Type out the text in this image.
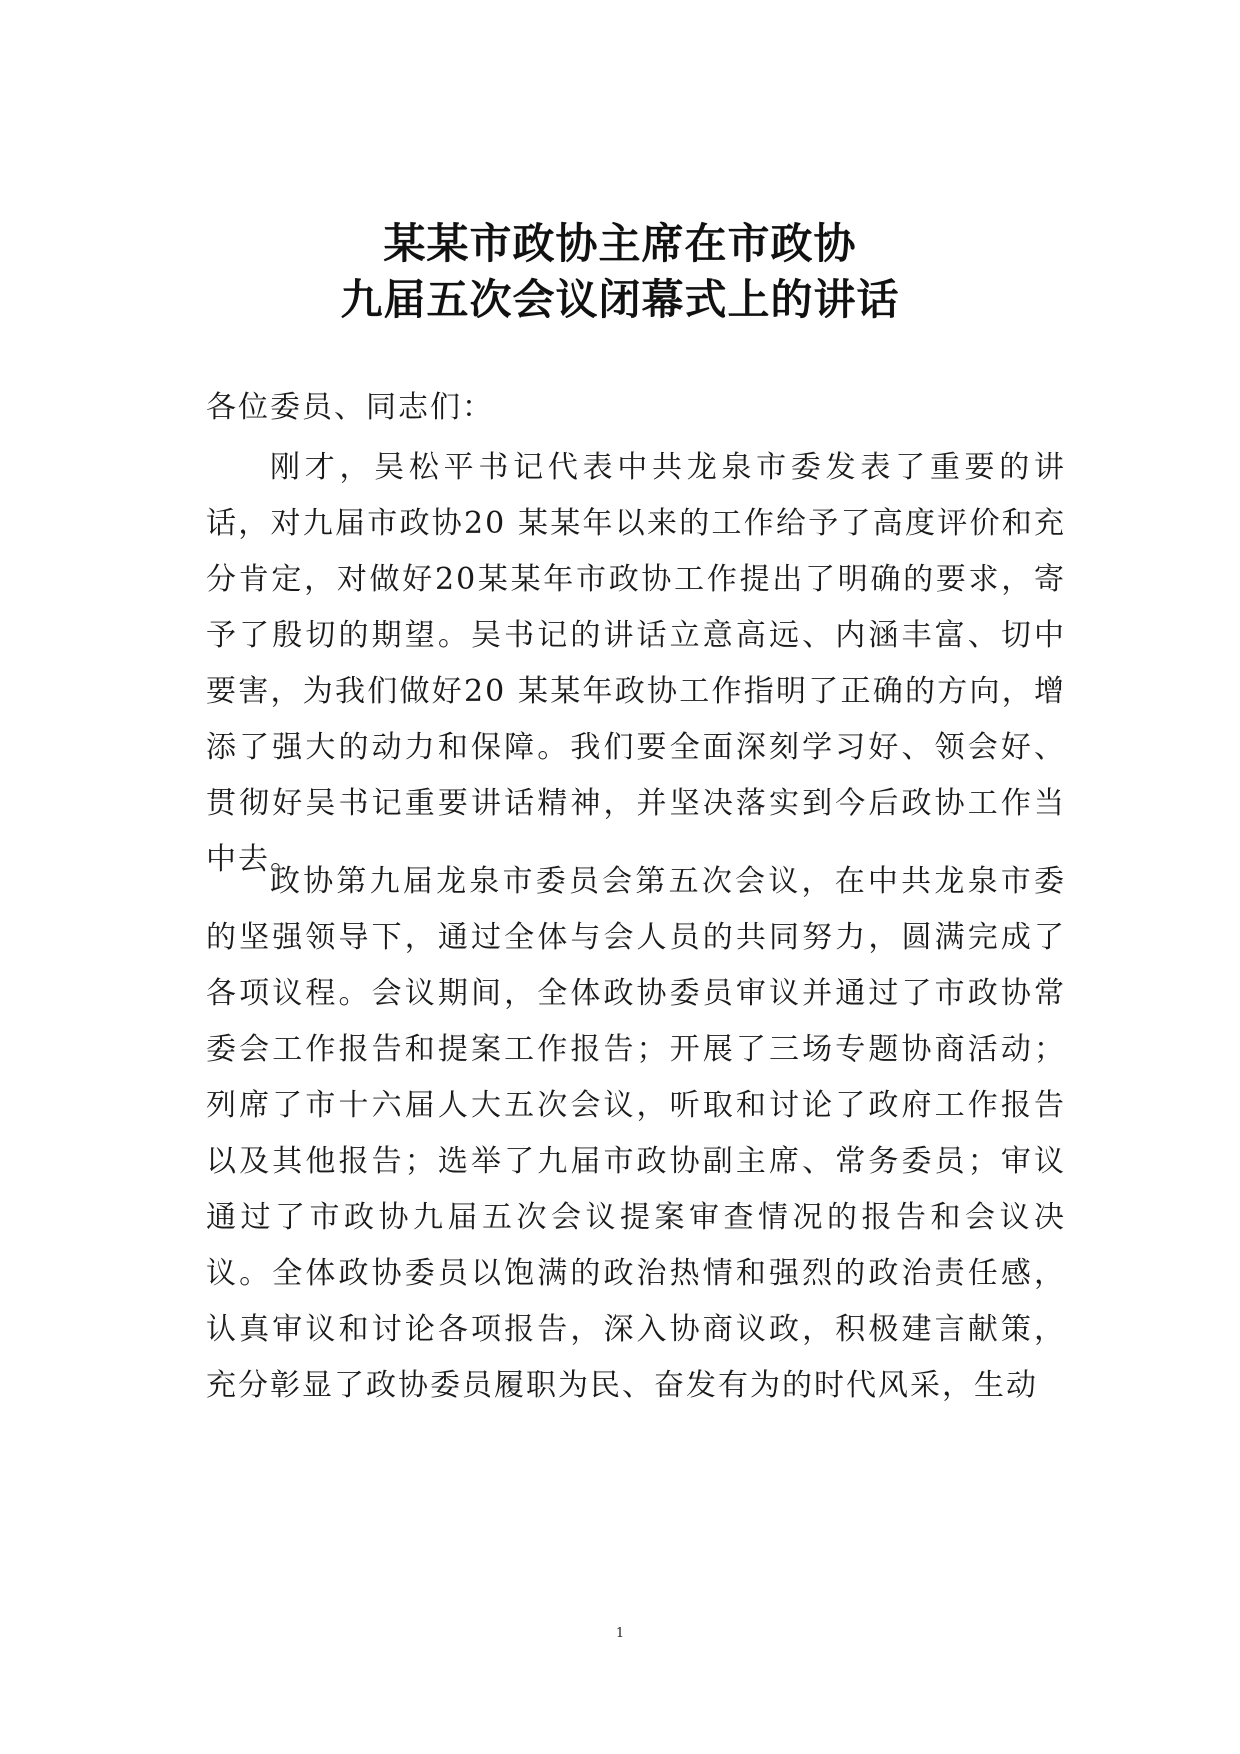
某某市政协主席在市政协
九届五次会议闭幕式上的讲话

各位委员、同志们：

刚才，吴松平书记代表中共龙泉市委发表了重要的讲话，对九届市政协20 某某年以来的工作给予了高度评价和充分肯定，对做好20某某年市政协工作提出了明确的要求，寄予了殷切的期望。吴书记的讲话立意高远、内涵丰富、切中要害，为我们做好20 某某年政协工作指明了正确的方向，增添了强大的动力和保障。我们要全面深刻学习好、领会好、贯彻好吴书记重要讲话精神，并坚决落实到今后政协工作当中去。

政协第九届龙泉市委员会第五次会议，在中共龙泉市委的坚强领导下，通过全体与会人员的共同努力，圆满完成了各项议程。会议期间，全体政协委员审议并通过了市政协常委会工作报告和提案工作报告；开展了三场专题协商活动；列席了市十六届人大五次会议，听取和讨论了政府工作报告以及其他报告；选举了九届市政协副主席、常务委员；审议通过了市政协九届五次会议提案审查情况的报告和会议决议。全体政协委员以饱满的政治热情和强烈的政治责任感，认真审议和讨论各项报告，深入协商议政，积极建言献策，充分彰显了政协委员履职为民、奋发有为的时代风采，生动

1
